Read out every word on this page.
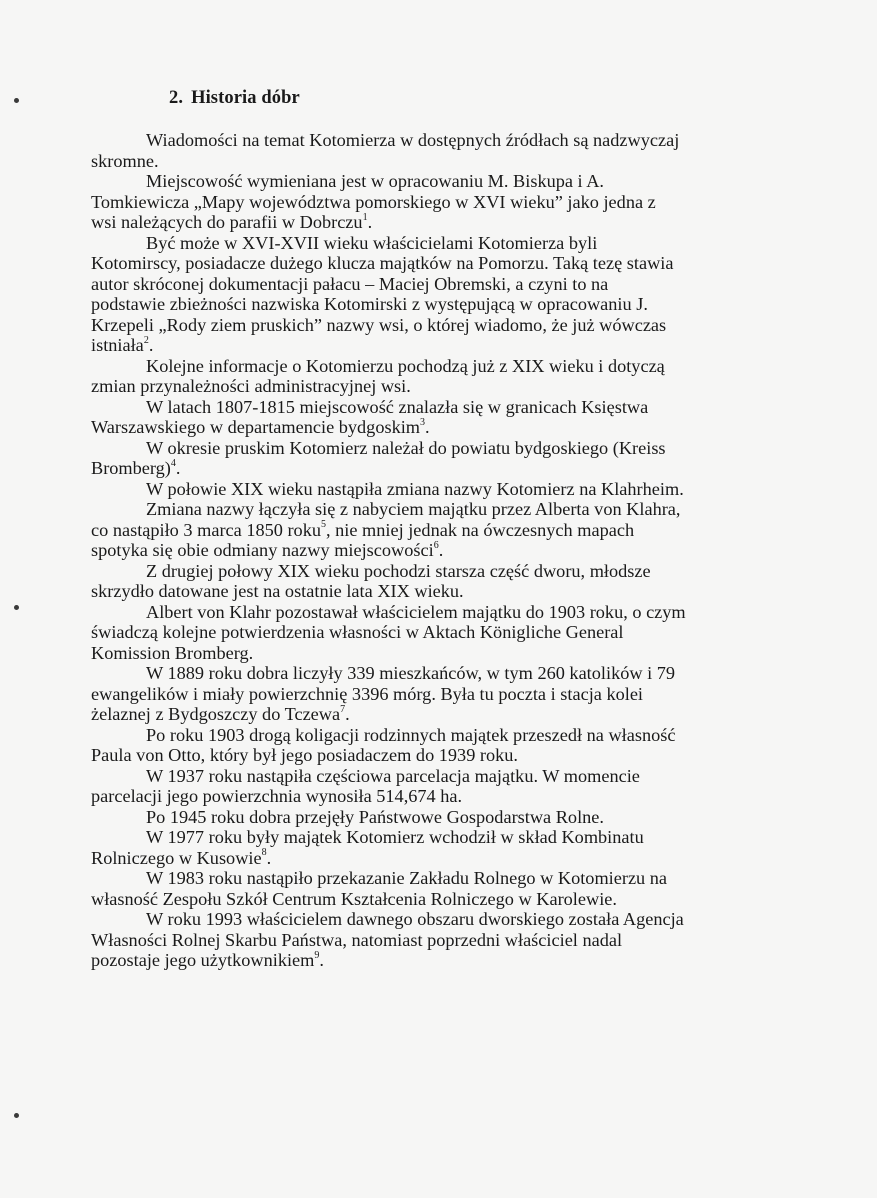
2. Historia dóbr
Wiadomości na temat Kotomierza w dostępnych źródłach są nadzwyczaj
skromne.
Miejscowość wymieniana jest w opracowaniu M. Biskupa i A.
Tomkiewicza „Mapy województwa pomorskiego w XVI wieku” jako jedna z
wsi należących do parafii w Dobrczu$^1$.
Być może w XVI-XVII wieku właścicielami Kotomierza byli
Kotomirscy, posiadacze dużego klucza majątków na Pomorzu. Taką tezę stawia
autor skróconej dokumentacji pałacu – Maciej Obremski, a czyni to na
podstawie zbieżności nazwiska Kotomirski z występującą w opracowaniu J.
Krzepeli „Rody ziem pruskich” nazwy wsi, o której wiadomo, że już wówczas
istniała$^2$.
Kolejne informacje o Kotomierzu pochodzą już z XIX wieku i dotyczą
zmian przynależności administracyjnej wsi.
W latach 1807-1815 miejscowość znalazła się w granicach Księstwa
Warszawskiego w departamencie bydgoskim$^3$.
W okresie pruskim Kotomierz należał do powiatu bydgoskiego (Kreiss
Bromberg)$^4$.
W połowie XIX wieku nastąpiła zmiana nazwy Kotomierz na Klahrheim.
Zmiana nazwy łączyła się z nabyciem majątku przez Alberta von Klahra,
co nastąpiło 3 marca 1850 roku$^5$, nie mniej jednak na ówczesnych mapach
spotyka się obie odmiany nazwy miejscowości$^6$.
Z drugiej połowy XIX wieku pochodzi starsza część dworu, młodsze
skrzydło datowane jest na ostatnie lata XIX wieku.
Albert von Klahr pozostawał właścicielem majątku do 1903 roku, o czym
świadczą kolejne potwierdzenia własności w Aktach Königliche General
Komission Bromberg.
W 1889 roku dobra liczyły 339 mieszkańców, w tym 260 katolików i 79
ewangelików i miały powierzchnię 3396 mórg. Była tu poczta i stacja kolei
żelaznej z Bydgoszczy do Tczewa$^7$.
Po roku 1903 drogą koligacji rodzinnych majątek przeszedł na własność
Paula von Otto, który był jego posiadaczem do 1939 roku.
W 1937 roku nastąpiła częściowa parcelacja majątku. W momencie
parcelacji jego powierzchnia wynosiła 514,674 ha.
Po 1945 roku dobra przejęły Państwowe Gospodarstwa Rolne.
W 1977 roku były majątek Kotomierz wchodził w skład Kombinatu
Rolniczego w Kusowie$^8$.
W 1983 roku nastąpiło przekazanie Zakładu Rolnego w Kotomierzu na
własność Zespołu Szkół Centrum Kształcenia Rolniczego w Karolewie.
W roku 1993 właścicielem dawnego obszaru dworskiego została Agencja
Własności Rolnej Skarbu Państwa, natomiast poprzedni właściciel nadal
pozostaje jego użytkownikiem$^9$.
